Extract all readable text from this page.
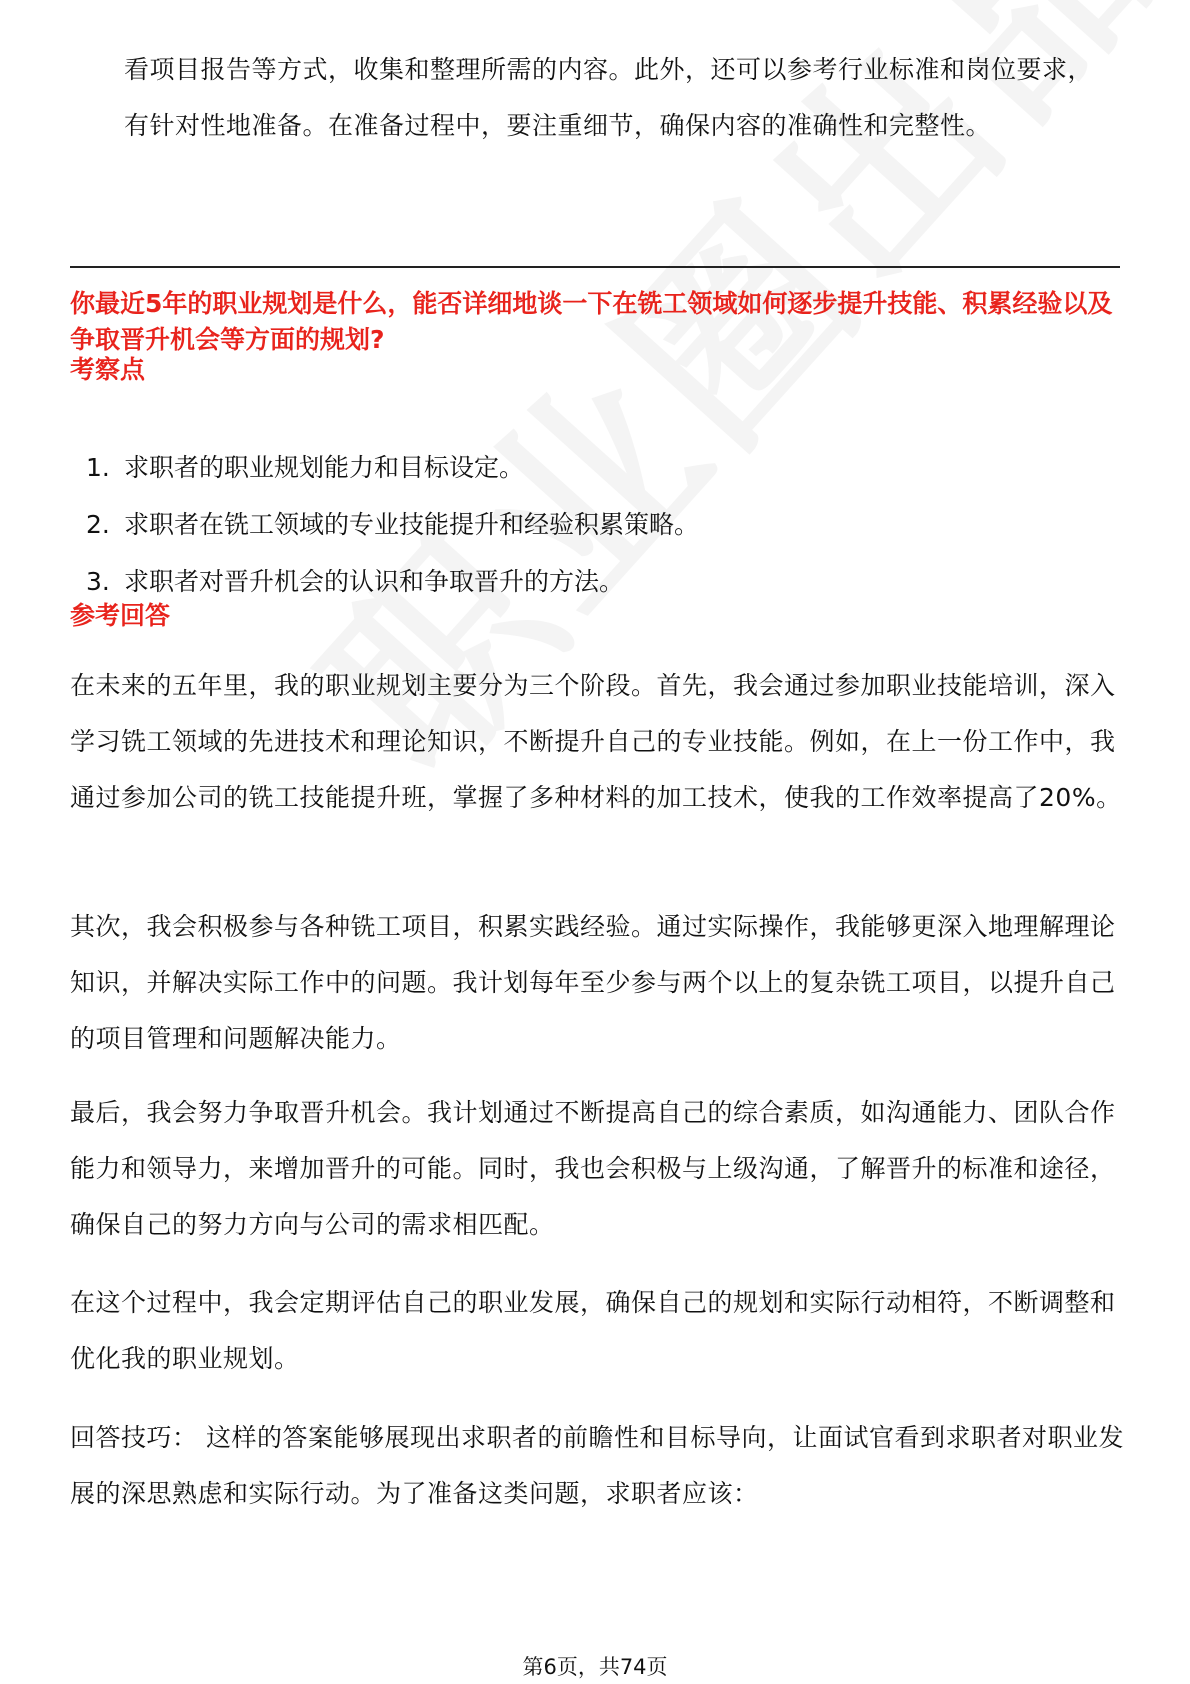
看项目报告等方式，收集和整理所需的内容。此外，还可以参考行业标准和岗位要求，有针对性地准备。在准备过程中，要注重细节，确保内容的准确性和完整性。

你最近5年的职业规划是什么，能否详细地谈一下在铣工领域如何逐步提升技能、积累经验以及争取晋升机会等方面的规划?

考察点

1. 求职者的职业规划能力和目标设定。
2. 求职者在铣工领域的专业技能提升和经验积累策略。
3. 求职者对晋升机会的认识和争取晋升的方法。

参考回答

在未来的五年里，我的职业规划主要分为三个阶段。首先，我会通过参加职业技能培训，深入学习铣工领域的先进技术和理论知识，不断提升自己的专业技能。例如，在上一份工作中，我通过参加公司的铣工技能提升班，掌握了多种材料的加工技术，使我的工作效率提高了20%。

其次，我会积极参与各种铣工项目，积累实践经验。通过实际操作，我能够更深入地理解理论知识，并解决实际工作中的问题。我计划每年至少参与两个以上的复杂铣工项目，以提升自己的项目管理和问题解决能力。

最后，我会努力争取晋升机会。我计划通过不断提高自己的综合素质，如沟通能力、团队合作能力和领导力，来增加晋升的可能。同时，我也会积极与上级沟通，了解晋升的标准和途径，确保自己的努力方向与公司的需求相匹配。

在这个过程中，我会定期评估自己的职业发展，确保自己的规划和实际行动相符，不断调整和优化我的职业规划。

回答技巧： 这样的答案能够展现出求职者的前瞻性和目标导向，让面试官看到求职者对职业发展的深思熟虑和实际行动。为了准备这类问题，求职者应该：

第6页，共74页
